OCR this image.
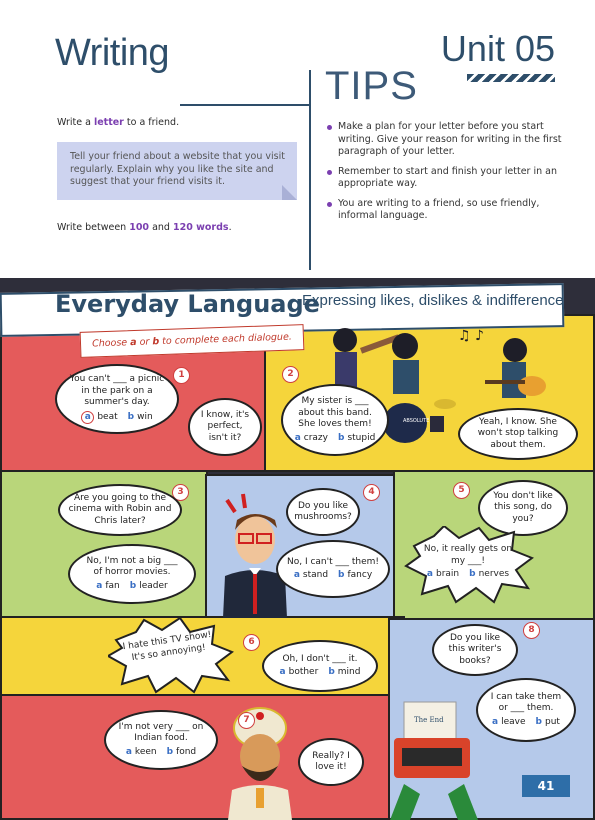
Writing	Unit 05
TIPS
Write a letter to a friend.
Tell your friend about a website that you visit regularly. Explain why you like the site and suggest that your friend visits it.
Write between 100 and 120 words.
Make a plan for your letter before you start writing. Give your reason for writing in the first paragraph of your letter.
Remember to start and finish your letter in an appropriate way.
You are writing to a friend, so use friendly, informal language.
Everyday Language
Expressing likes, dislikes & indifference
Choose a or b to complete each dialogue.
1
You can't ___ a picnic in the park on a summer's day.
a beat b win	I know, it's perfect, isn't it?
♫ ♪
ABSOLUTE
2
My sister is ___ about this band. She loves them!
a crazy b stupid
Yeah, I know. She won't stop talking about them.
3
Are you going to the cinema with Robin and Chris later?
No, I'm not a big ___ of horror movies.
a fan b leader
4
Do you like mushrooms?
No, I can't ___ them!
a stand b fancy
5
You don't like this song, do you?
No, it really gets on my ___!
a brain b nerves
6
I hate this TV show! It's so annoying!	Oh, I don't ___ it.
a bother b mind
7
I'm not very ___ on Indian food.
a keen b fond	Really? I love it!
8
Do you like this writer's books?
I can take them or ___ them.
a leave b put
The End
41
